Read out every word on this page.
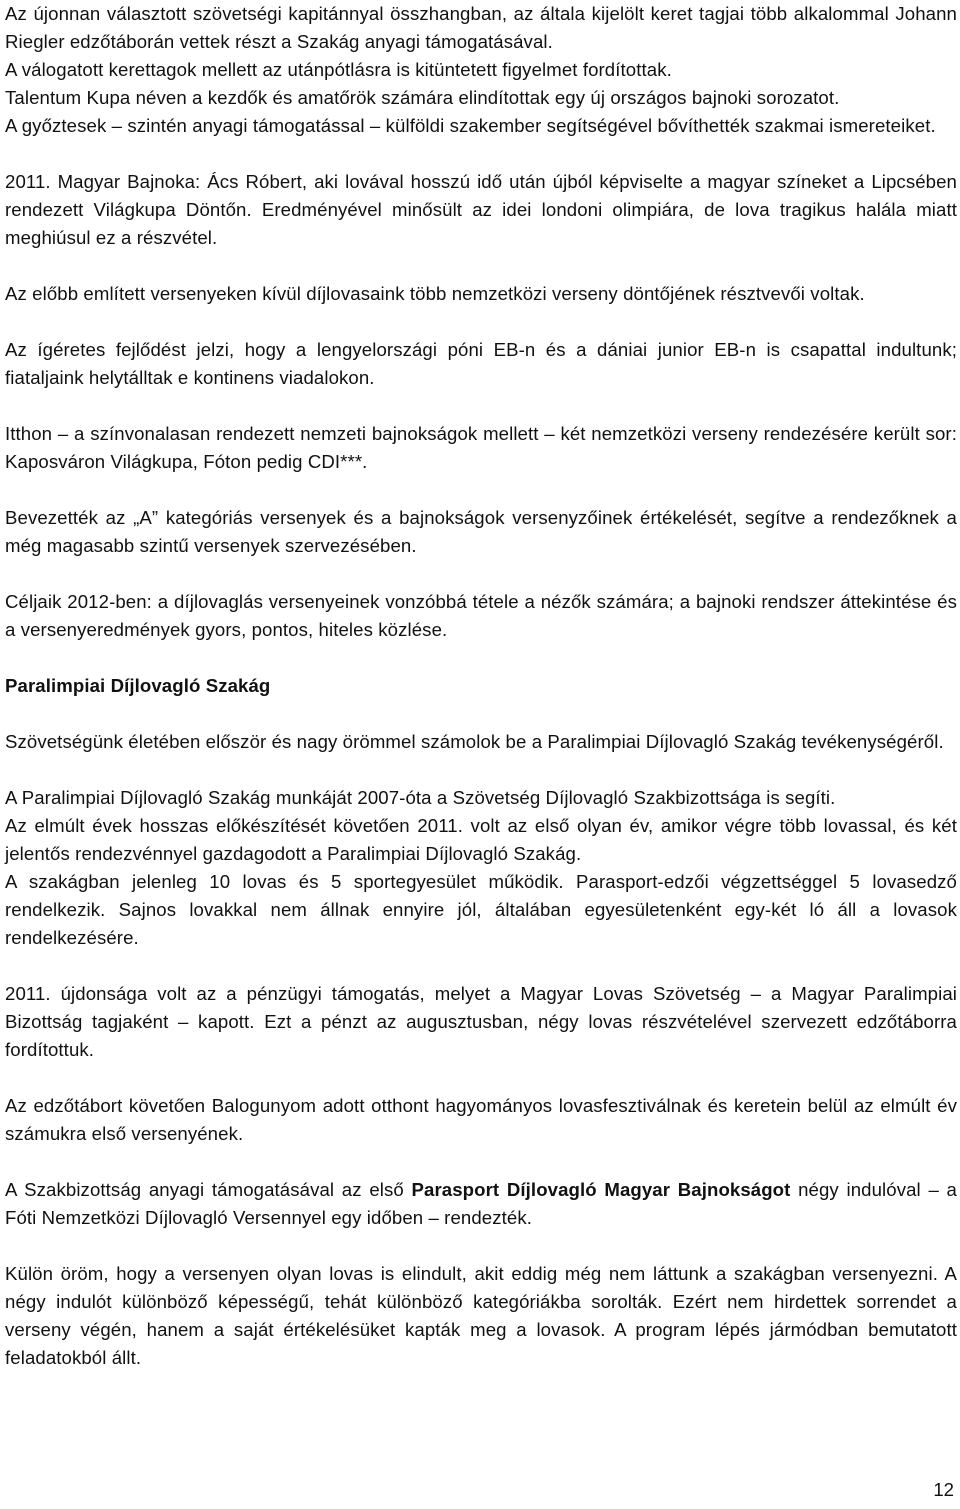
Az újonnan választott szövetségi kapitánnyal összhangban, az általa kijelölt keret tagjai több alkalommal Johann Riegler edzőtáborán vettek részt a Szakág anyagi támogatásával.

A válogatott kerettagok mellett az utánpótlásra is kitüntetett figyelmet fordítottak.

Talentum Kupa néven a kezdők és amatőrök számára elindítottak egy új országos bajnoki sorozatot.

A győztesek – szintén anyagi támogatással – külföldi szakember segítségével bővíthették szakmai ismereteiket.

2011. Magyar Bajnoka: Ács Róbert, aki lovával hosszú idő után újból képviselte a magyar színeket a Lipcsében rendezett Világkupa Döntőn. Eredményével minősült az idei londoni olimpiára, de lova tragikus halála miatt meghiúsul ez a részvétel.

Az előbb említett versenyeken kívül díjlovasaink több nemzetközi verseny döntőjének résztvevői voltak.

Az ígéretes fejlődést jelzi, hogy a lengyelországi póni EB-n és a dániai junior EB-n is csapattal indultunk; fiataljaink helytálltak e kontinens viadalokon.

Itthon – a színvonalasan rendezett nemzeti bajnokságok mellett – két nemzetközi verseny rendezésére került sor: Kaposváron Világkupa, Fóton pedig CDI***.

Bevezették az „A” kategóriás versenyek és a bajnokságok versenyzőinek értékelését, segítve a rendezőknek a még magasabb szintű versenyek szervezésében.

Céljaik 2012-ben: a díjlovaglás versenyeinek vonzóbbá tétele a nézők számára; a bajnoki rendszer áttekintése és a versenyeredmények gyors, pontos, hiteles közlése.

Paralimpiai Díjlovagló Szakág

Szövetségünk életében először és nagy örömmel számolok be a Paralimpiai Díjlovagló Szakág tevékenységéről.

A Paralimpiai Díjlovagló Szakág munkáját 2007-óta a Szövetség Díjlovagló Szakbizottsága is segíti.

Az elmúlt évek hosszas előkészítését követően 2011. volt az első olyan év, amikor végre több lovassal, és két jelentős rendezvénnyel gazdagodott a Paralimpiai Díjlovagló Szakág.

A szakágban jelenleg 10 lovas és 5 sportegyesület működik. Parasport-edzői végzettséggel 5 lovasedző rendelkezik. Sajnos lovakkal nem állnak ennyire jól, általában egyesületenként egy-két ló áll a lovasok rendelkezésére.

2011. újdonsága volt az a pénzügyi támogatás, melyet a Magyar Lovas Szövetség – a Magyar Paralimpiai Bizottság tagjaként – kapott. Ezt a pénzt az augusztusban, négy lovas részvételével szervezett edzőtáborra fordítottuk.

Az edzőtábort követően Balogunyom adott otthont hagyományos lovasfesztiválnak és keretein belül az elmúlt év számukra első versenyének.

A Szakbizottság anyagi támogatásával az első Parasport Díjlovagló Magyar Bajnokságot négy indulóval – a Fóti Nemzetközi Díjlovagló Versennyel egy időben – rendezték.

Külön öröm, hogy a versenyen olyan lovas is elindult, akit eddig még nem láttunk a szakágban versenyezni. A négy indulót különböző képességű, tehát különböző kategóriákba sorolták. Ezért nem hirdettek sorrendet a verseny végén, hanem a saját értékelésüket kapták meg a lovasok. A program lépés jármódban bemutatott feladatokból állt.

12
